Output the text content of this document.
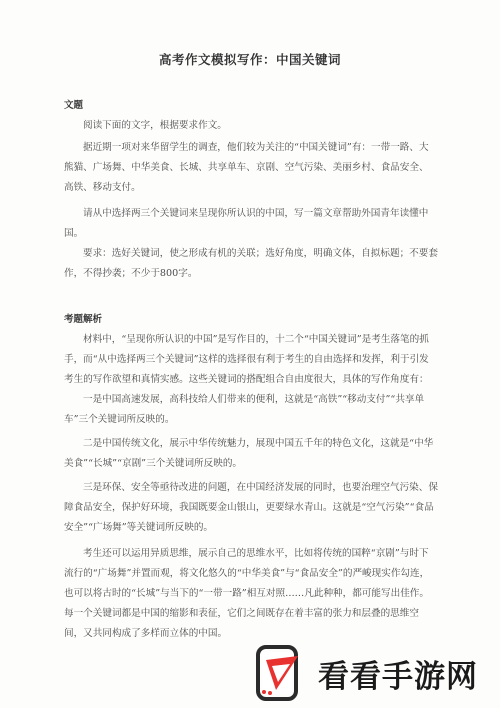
高考作文模拟写作：中国关键词
文题

阅读下面的文字，根据要求作文。

据近期一项对来华留学生的调查，他们较为关注的“中国关键词”有：一带一路、大熊猫、广场舞、中华美食、长城、共享单车、京剧、空气污染、美丽乡村、食品安全、高铁、移动支付。

请从中选择两三个关键词来呈现你所认识的中国，写一篇文章帮助外国青年读懂中国。

要求：选好关键词，使之形成有机的关联；选好角度，明确文体，自拟标题；不要套作，不得抄袭；不少于800字。

考题解析

材料中，“呈现你所认识的中国”是写作目的，十二个“中国关键词”是考生落笔的抓手，而“从中选择两三个关键词”这样的选择很有利于考生的自由选择和发挥，利于引发考生的写作欲望和真情实感。这些关键词的搭配组合自由度很大，具体的写作角度有：

一是中国高速发展，高科技给人们带来的便利，这就是“高铁”“移动支付”“共享单车”三个关键词所反映的。

二是中国传统文化，展示中华传统魅力，展现中国五千年的特色文化，这就是“中华美食”“长城”“京剧”三个关键词所反映的。

三是环保、安全等亟待改进的问题，在中国经济发展的同时，也要治理空气污染、保障食品安全，保护好环境，我国既要金山银山，更要绿水青山。这就是“空气污染”“食品安全”“广场舞”等关键词所反映的。

考生还可以运用异质思维，展示自己的思维水平，比如将传统的国粹“京剧”与时下流行的“广场舞”并置而观，将文化悠久的“中华美食”与“食品安全”的严峻现实作勾连，也可以将古时的“长城”与当下的“一带一路”相互对照……凡此种种，都可能写出佳作。每一个关键词都是中国的缩影和表征，它们之间既存在着丰富的张力和层叠的思维空间，又共同构成了多样而立体的中国。

看看手游网
